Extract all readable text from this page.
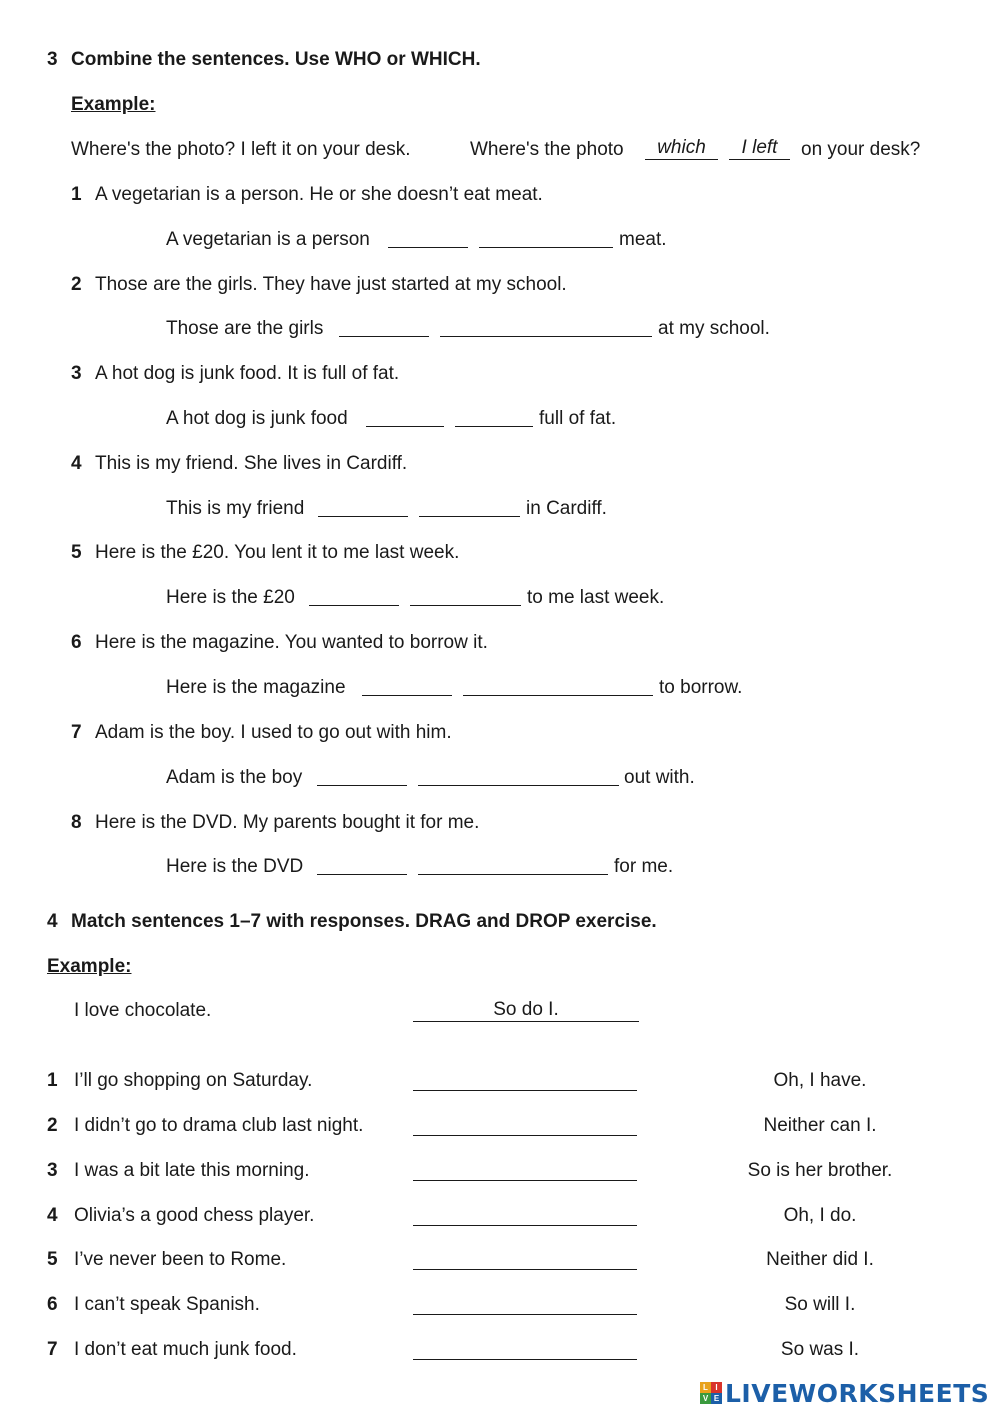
3 Combine the sentences. Use WHO or WHICH.
Example:
Where's the photo? I left it on your desk.	Where's the photo	which	I left	on your desk?
1 A vegetarian is a person. He or she doesn’t eat meat.
A vegetarian is a person	meat.
2 Those are the girls. They have just started at my school.
Those are the girls	at my school.
3 A hot dog is junk food. It is full of fat.
A hot dog is junk food	full of fat.
4 This is my friend. She lives in Cardiff.
This is my friend	in Cardiff.
5 Here is the £20. You lent it to me last week.
Here is the £20	to me last week.
6 Here is the magazine. You wanted to borrow it.
Here is the magazine	to borrow.
7 Adam is the boy. I used to go out with him.
Adam is the boy	out with.
8 Here is the DVD. My parents bought it for me.
Here is the DVD	for me.
4 Match sentences 1–7 with responses. DRAG and DROP exercise.
Example:
I love chocolate.	So do I.
1 I’ll go shopping on Saturday.	Oh, I have.
2 I didn’t go to drama club last night.	Neither can I.
3 I was a bit late this morning.	So is her brother.
4 Olivia’s a good chess player.	Oh, I do.
5 I’ve never been to Rome.	Neither did I.
6 I can’t speak Spanish.	So will I.
7 I don’t eat much junk food.	So was I.
L I
V E LIVEWORKSHEETS
